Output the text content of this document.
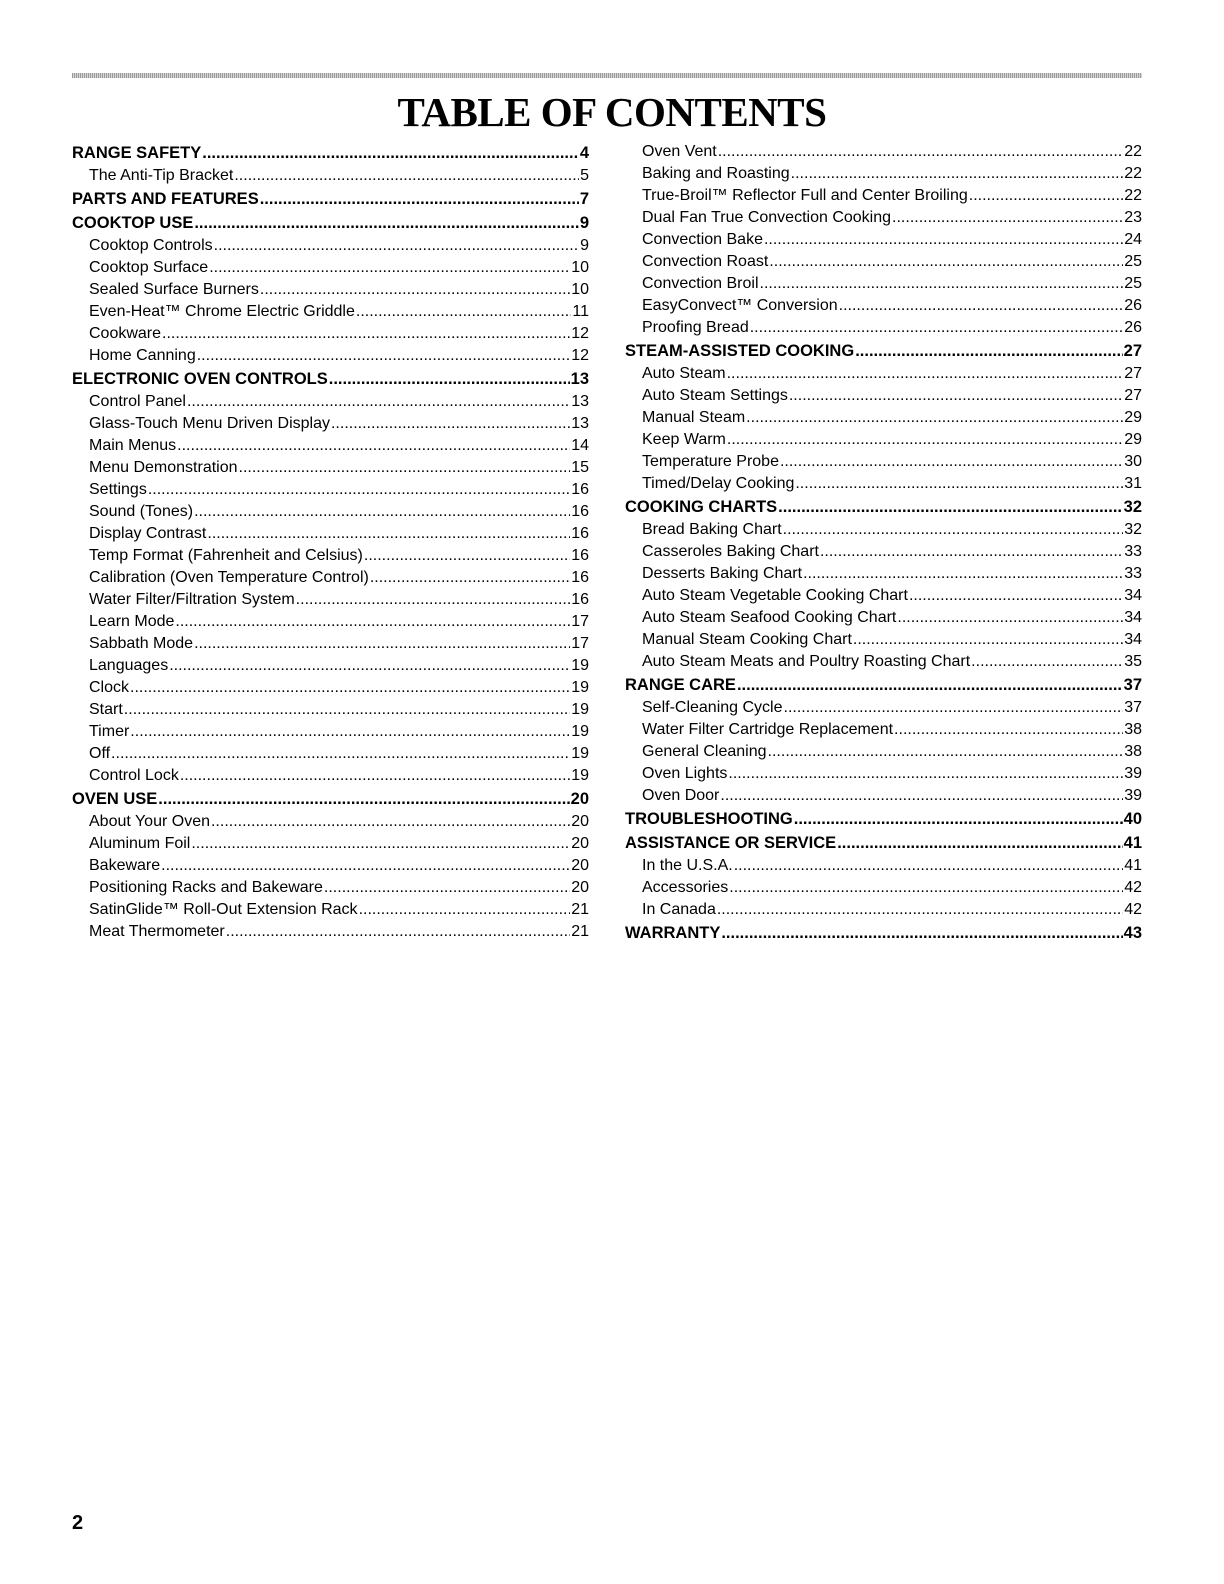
TABLE OF CONTENTS
RANGE SAFETY .....	4
The Anti-Tip Bracket .....	5
PARTS AND FEATURES .....	7
COOKTOP USE .....	9
Cooktop Controls .....	9
Cooktop Surface .....	10
Sealed Surface Burners .....	10
Even-Heat™ Chrome Electric Griddle .....	11
Cookware .....	12
Home Canning .....	12
ELECTRONIC OVEN CONTROLS .....	13
Control Panel .....	13
Glass-Touch Menu Driven Display .....	13
Main Menus .....	14
Menu Demonstration .....	15
Settings .....	16
Sound (Tones) .....	16
Display Contrast .....	16
Temp Format (Fahrenheit and Celsius) .....	16
Calibration (Oven Temperature Control) .....	16
Water Filter/Filtration System .....	16
Learn Mode .....	17
Sabbath Mode .....	17
Languages .....	19
Clock .....	19
Start .....	19
Timer .....	19
Off .....	19
Control Lock .....	19
OVEN USE .....	20
About Your Oven .....	20
Aluminum Foil .....	20
Bakeware .....	20
Positioning Racks and Bakeware .....	20
SatinGlide™ Roll-Out Extension Rack .....	21
Meat Thermometer .....	21
Oven Vent .....	22
Baking and Roasting .....	22
True-Broil™ Reflector Full and Center Broiling .....	22
Dual Fan True Convection Cooking .....	23
Convection Bake .....	24
Convection Roast .....	25
Convection Broil .....	25
EasyConvect™ Conversion .....	26
Proofing Bread .....	26
STEAM-ASSISTED COOKING .....	27
Auto Steam .....	27
Auto Steam Settings .....	27
Manual Steam .....	29
Keep Warm .....	29
Temperature Probe .....	30
Timed/Delay Cooking .....	31
COOKING CHARTS .....	32
Bread Baking Chart .....	32
Casseroles Baking Chart .....	33
Desserts Baking Chart .....	33
Auto Steam Vegetable Cooking Chart .....	34
Auto Steam Seafood Cooking Chart .....	34
Manual Steam Cooking Chart .....	34
Auto Steam Meats and Poultry Roasting Chart .....	35
RANGE CARE .....	37
Self-Cleaning Cycle .....	37
Water Filter Cartridge Replacement .....	38
General Cleaning .....	38
Oven Lights .....	39
Oven Door .....	39
TROUBLESHOOTING .....	40
ASSISTANCE OR SERVICE .....	41
In the U.S.A. .....	41
Accessories .....	42
In Canada .....	42
WARRANTY .....	43
2
